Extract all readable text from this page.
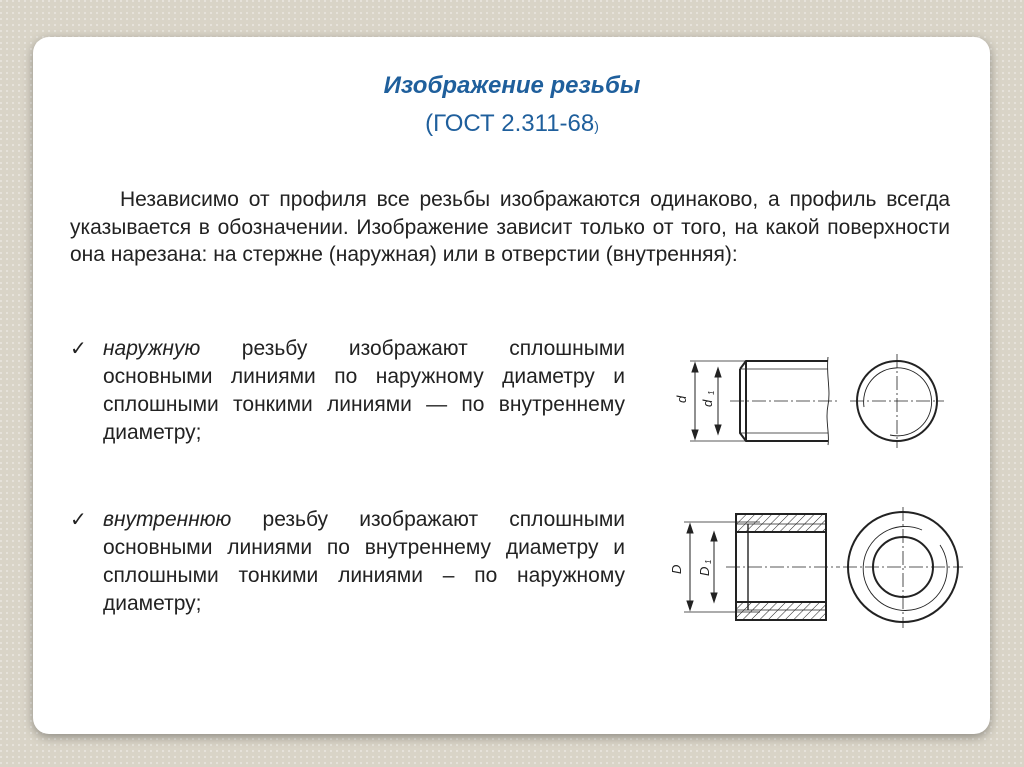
Изображение резьбы
(ГОСТ 2.311-68)
Независимо от профиля все резьбы изображаются одинаково, а профиль всегда указывается в обозначении. Изображение зависит только от того, на какой поверхности она нарезана: на стержне (наружная) или в отверстии (внутренняя):
✓ наружную резьбу изображают сплошными основными линиями по наружному диаметру и сплошными тонкими линиями — по внутреннему диаметру;
✓ внутреннюю резьбу изображают сплошными основными линиями по внутреннему диаметру и сплошными тонкими линиями – по наружному диаметру;
d
d
1
D D
1
